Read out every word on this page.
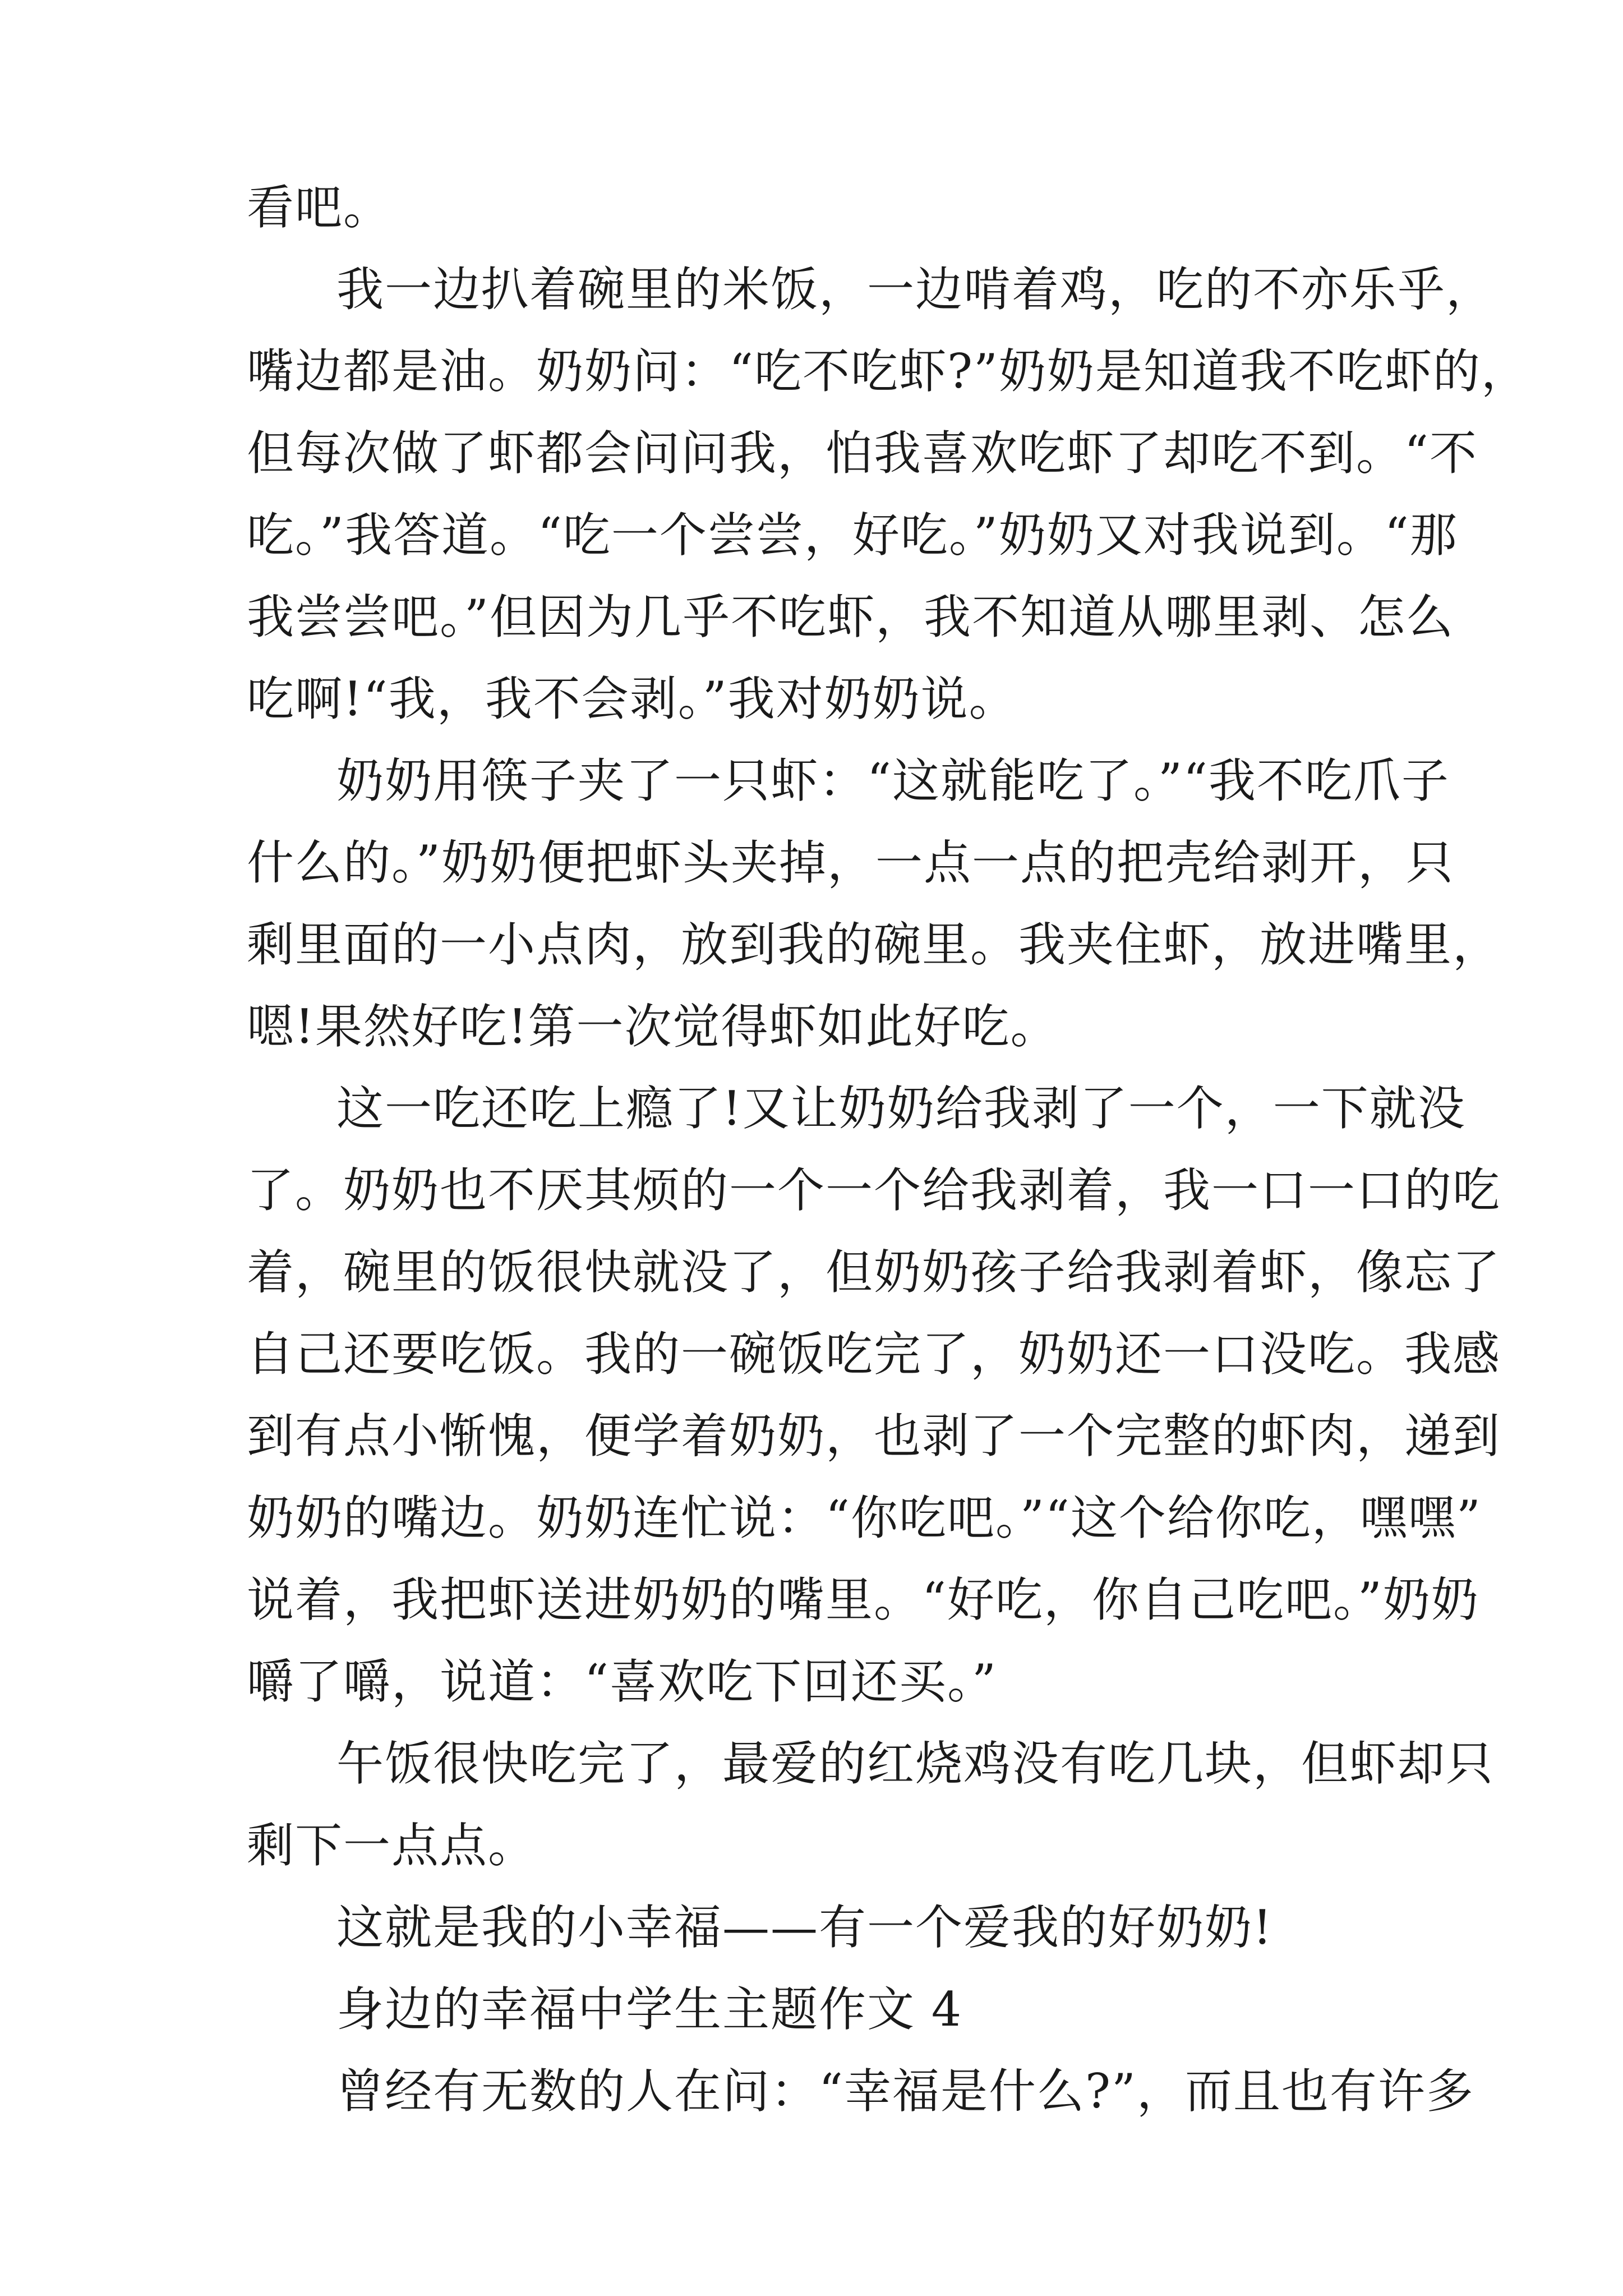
看吧。
我一边扒着碗里的米饭，一边啃着鸡，吃的不亦乐乎，
嘴边都是油。奶奶问：“吃不吃虾?”奶奶是知道我不吃虾的，
但每次做了虾都会问问我，怕我喜欢吃虾了却吃不到。“不
吃。”我答道。“吃一个尝尝，好吃。”奶奶又对我说到。“那
我尝尝吧。”但因为几乎不吃虾，我不知道从哪里剥、怎么
吃啊!“我，我不会剥。”我对奶奶说。
奶奶用筷子夹了一只虾：“这就能吃了。”“我不吃爪子
什么的。”奶奶便把虾头夹掉，一点一点的把壳给剥开，只
剩里面的一小点肉，放到我的碗里。我夹住虾，放进嘴里，
嗯!果然好吃!第一次觉得虾如此好吃。
这一吃还吃上瘾了!又让奶奶给我剥了一个，一下就没
了。奶奶也不厌其烦的一个一个给我剥着，我一口一口的吃
着，碗里的饭很快就没了，但奶奶孩子给我剥着虾，像忘了
自己还要吃饭。我的一碗饭吃完了，奶奶还一口没吃。我感
到有点小惭愧，便学着奶奶，也剥了一个完整的虾肉，递到
奶奶的嘴边。奶奶连忙说：“你吃吧。”“这个给你吃，嘿嘿”
说着，我把虾送进奶奶的嘴里。“好吃，你自己吃吧。”奶奶
嚼了嚼，说道：“喜欢吃下回还买。”
午饭很快吃完了，最爱的红烧鸡没有吃几块，但虾却只
剩下一点点。
这就是我的小幸福——有一个爱我的好奶奶!
身边的幸福中学生主题作文 4
曾经有无数的人在问：“幸福是什么?”，而且也有许多
